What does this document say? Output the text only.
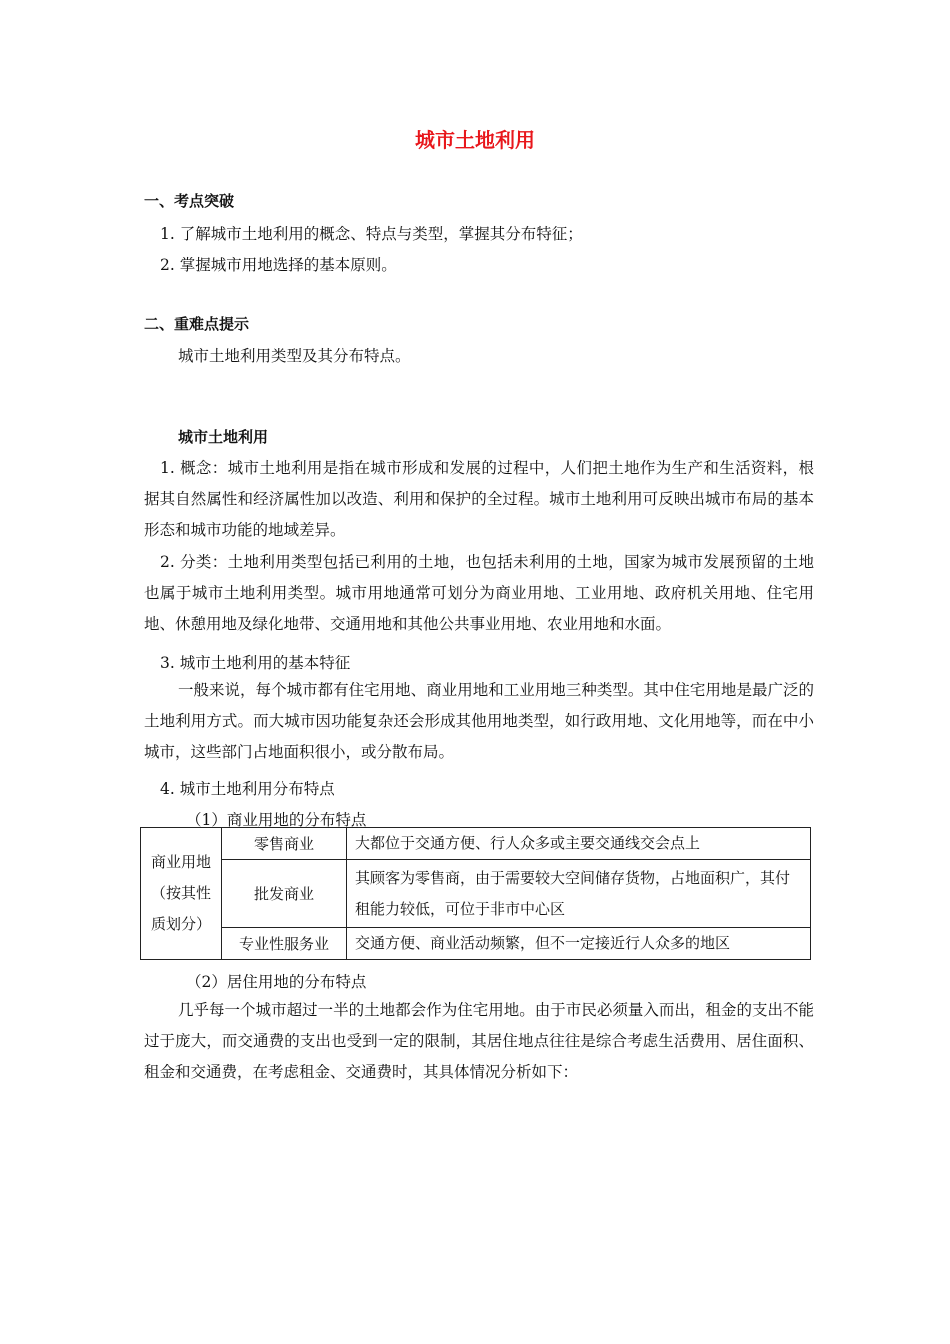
城市土地利用
一、考点突破
1. 了解城市土地利用的概念、特点与类型，掌握其分布特征；
2. 掌握城市用地选择的基本原则。
二、重难点提示
城市土地利用类型及其分布特点。
城市土地利用
1. 概念：城市土地利用是指在城市形成和发展的过程中，人们把土地作为生产和生活资料，根据其自然属性和经济属性加以改造、利用和保护的全过程。城市土地利用可反映出城市布局的基本形态和城市功能的地域差异。
2. 分类：土地利用类型包括已利用的土地，也包括未利用的土地，国家为城市发展预留的土地也属于城市土地利用类型。城市用地通常可划分为商业用地、工业用地、政府机关用地、住宅用地、休憩用地及绿化地带、交通用地和其他公共事业用地、农业用地和水面。
3. 城市土地利用的基本特征
一般来说，每个城市都有住宅用地、商业用地和工业用地三种类型。其中住宅用地是最广泛的土地利用方式。而大城市因功能复杂还会形成其他用地类型，如行政用地、文化用地等，而在中小城市，这些部门占地面积很小，或分散布局。
4. 城市土地利用分布特点
（1）商业用地的分布特点
商业用地（按其性质划分）	零售商业	大都位于交通方便、行人众多或主要交通线交会点上
	批发商业	其顾客为零售商，由于需要较大空间储存货物，占地面积广，其付租能力较低，可位于非市中心区
	专业性服务业	交通方便、商业活动频繁，但不一定接近行人众多的地区
（2）居住用地的分布特点
几乎每一个城市超过一半的土地都会作为住宅用地。由于市民必须量入而出，租金的支出不能过于庞大，而交通费的支出也受到一定的限制，其居住地点往往是综合考虑生活费用、居住面积、租金和交通费，在考虑租金、交通费时，其具体情况分析如下：
